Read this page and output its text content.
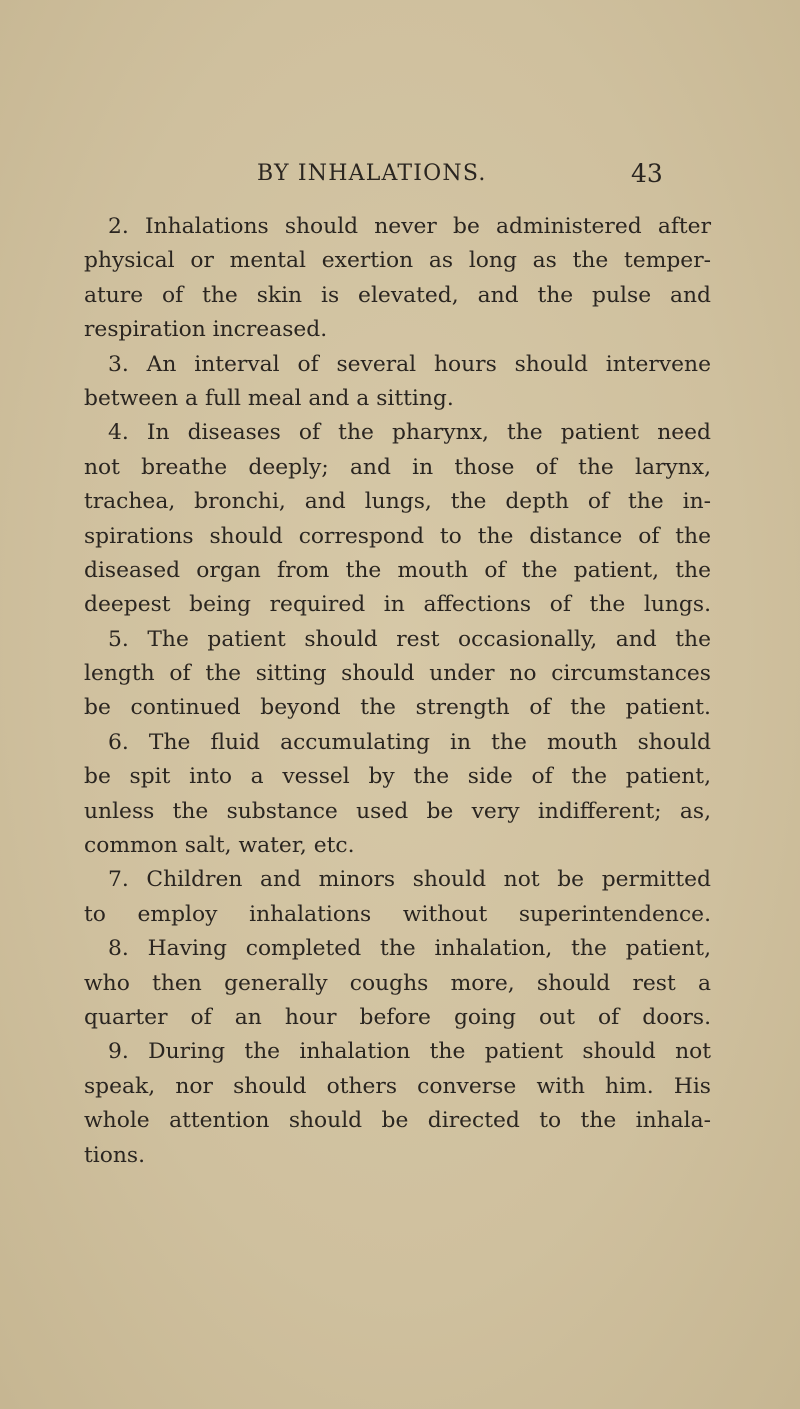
BY INHALATIONS.	43
2. Inhalations should never be administered after
physical or mental exertion as long as the temper-
ature of the skin is elevated, and the pulse and
respiration increased.
3. An interval of several hours should intervene
between a full meal and a sitting.
4. In diseases of the pharynx, the patient need
not breathe deeply; and in those of the larynx,
trachea, bronchi, and lungs, the depth of the in-
spirations should correspond to the distance of the
diseased organ from the mouth of the patient, the
deepest being required in affections of the lungs.
5. The patient should rest occasionally, and the
length of the sitting should under no circumstances
be continued beyond the strength of the patient.
6. The fluid accumulating in the mouth should
be spit into a vessel by the side of the patient,
unless the substance used be very indifferent; as,
common salt, water, etc.
7. Children and minors should not be permitted
to employ inhalations without superintendence.
8. Having completed the inhalation, the patient,
who then generally coughs more, should rest a
quarter of an hour before going out of doors.
9. During the inhalation the patient should not
speak, nor should others converse with him. His
whole attention should be directed to the inhala-
tions.
